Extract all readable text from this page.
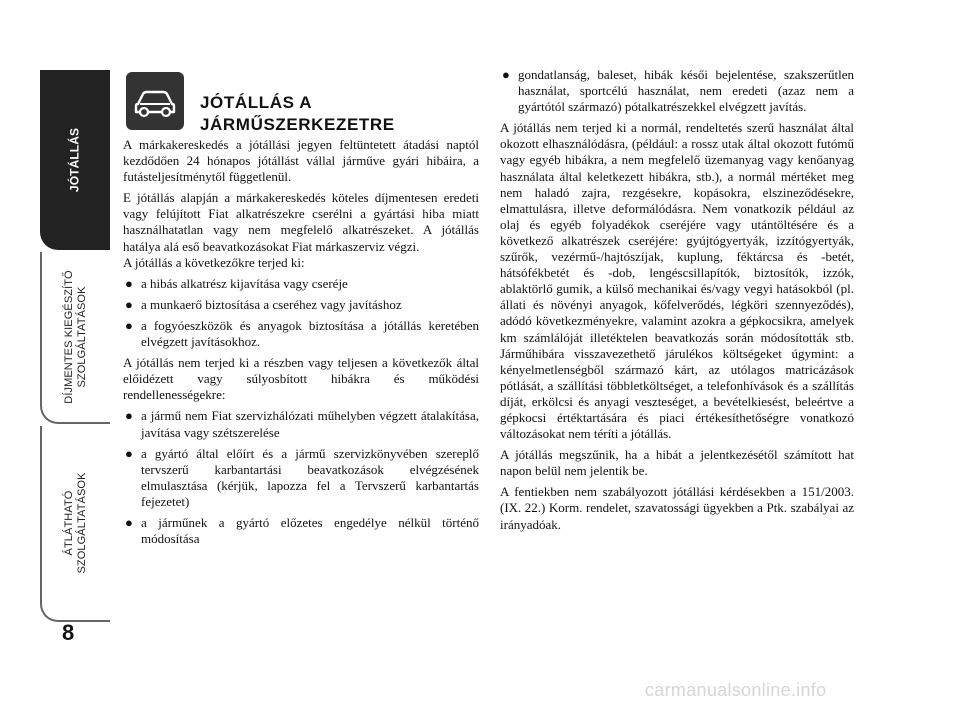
JÓTÁLLÁS
DÍJMENTES KIEGÉSZÍTŐ SZOLGÁLTATÁSOK
ÁTLÁTHATÓ SZOLGÁLTATÁSOK
8
JÓTÁLLÁS A
JÁRMŰSZERKEZETRE

A márkakereskedés a jótállási jegyen feltüntetett átadási naptól kezdődően 24 hónapos jótállást vállal járműve gyári hibáira, a futásteljesítménytől függetlenül.

E jótállás alapján a márkakereskedés köteles díjmentesen eredeti vagy felújított Fiat alkatrészekre cserélni a gyártási hiba miatt használhatatlan vagy nem megfelelő alkatrészeket. A jótállás hatálya alá eső beavatkozásokat Fiat márkaszerviz végzi.

A jótállás a következőkre terjed ki:

● a hibás alkatrész kijavítása vagy cseréje
● a munkaerő biztosítása a cseréhez vagy javításhoz
● a fogyóeszközök és anyagok biztosítása a jótállás keretében elvégzett javításokhoz.

A jótállás nem terjed ki a részben vagy teljesen a következők által előidézett vagy súlyosbított hibákra és működési rendellenességekre:

● a jármű nem Fiat szervizhálózati műhelyben végzett átalakítása, javítása vagy szétszerelése
● a gyártó által előírt és a jármű szervizkönyvében szereplő tervszerű karbantartási beavatkozások elvégzésének elmulasztása (kérjük, lapozza fel a Tervszerű karbantartás fejezetet)
● a járműnek a gyártó előzetes engedélye nélkül történő módosítása
● gondatlanság, baleset, hibák késői bejelentése, szakszerűtlen használat, sportcélú használat, nem eredeti (azaz nem a gyártótól származó) pótalkatrészekkel elvégzett javítás.

A jótállás nem terjed ki a normál, rendeltetés szerű használat által okozott elhasználódásra, (például: a rossz utak által okozott futómű vagy egyéb hibákra, a nem megfelelő üzemanyag vagy kenőanyag használata által keletkezett hibákra, stb.), a normál mértéket meg nem haladó zajra, rezgésekre, kopásokra, elszineződésekre, elmattulásra, illetve deformálódásra. Nem vonatkozik például az olaj és egyéb folyadékok cseréjére vagy utántöltésére és a következő alkatrészek cseréjére: gyújtógyertyák, izzítógyertyák, szűrők, vezérmű-/hajtószíjak, kuplung, féktárcsa és -betét, hátsófékbetét és -dob, lengéscsillapítók, biztosítók, izzók, ablaktörlő gumik, a külső mechanikai és/vagy vegyi hatásokból (pl. állati és növényi anyagok, kőfelverődés, légköri szennyeződés), adódó következményekre, valamint azokra a gépkocsikra, amelyek km számlálóját illetéktelen beavatkozás során módosították stb. Járműhibára visszavezethető járulékos költségeket úgymint: a kényelmetlenségből származó kárt, az utólagos matricázások pótlását, a szállítási többletköltséget, a telefonhívások és a szállítás díját, erkölcsi és anyagi veszteséget, a bevételkiesést, beleértve a gépkocsi értéktartására és piaci értékesíthetőségre vonatkozó változásokat nem téríti a jótállás.

A jótállás megszűnik, ha a hibát a jelentkezésétől számított hat napon belül nem jelentik be.

A fentiekben nem szabályozott jótállási kérdésekben a 151/2003. (IX. 22.) Korm. rendelet, szavatossági ügyekben a Ptk. szabályai az irányadóak.

carmanualsonline.info
